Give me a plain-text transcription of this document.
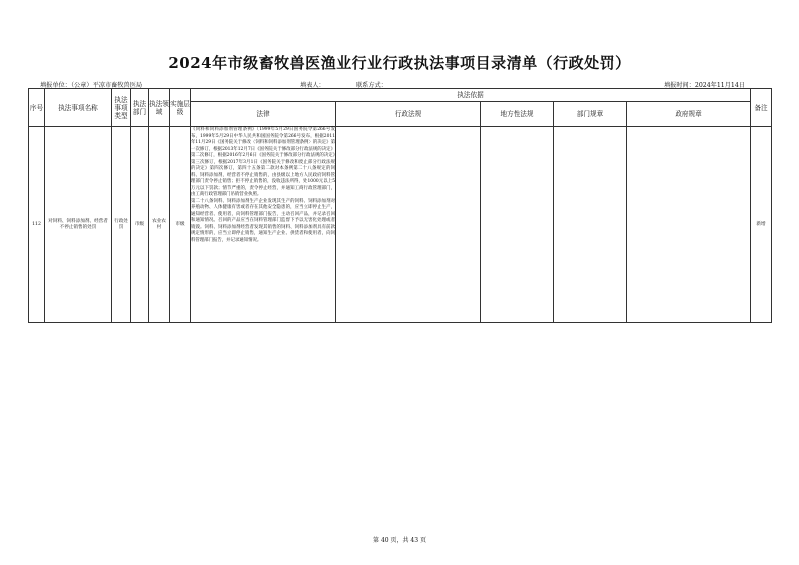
2024年市级畜牧兽医渔业行业行政执法事项目录清单（行政处罚）
填报单位：（公章）平凉市畜牧兽医局	填表人：	联系方式：	填报时间：2024年11月14日
序号	执法事项名称	执法事项类型	执法部门	执法领域	实施层级	执法依据					备注
						法律	行政法规	地方性法规	部门规章	政府规章	
112	对饲料、饲料添加剂、经营者不停止销售的处罚	行政处罚	市级	农业农村	市级	《饲料和饲料添加剂管理条例》（1999年5月29日国务院令第266号发布，1999年5月29日中华人民共和国国务院令第266号发布，根据2011年11月29日《国务院关于修改〈饲料和饲料添加剂管理条例〉的决定》第一次修订，根据2013年12月7日《国务院关于修改部分行政法规的决定》第二次修订，根据2016年2月6日《国务院关于修改部分行政法规的决定》第三次修订，根据2017年3月1日《国务院关于修改和废止部分行政法规的决定》第四次修订，第四十五条第二款对本条例第二十八条规定的饲料、饲料添加剂，经营者不停止销售的，由县级以上地方人民政府饲料管理部门责令停止销售；拒不停止销售的，没收违法所得，处1000元以上5万元以下罚款；情节严重的，责令停止经营，并通知工商行政管理部门，由工商行政管理部门吊销营业执照。
第二十八条饲料、饲料添加剂生产企业发现其生产的饲料、饲料添加剂对养殖动物、人体健康有害或者存在其他安全隐患的，应当立即停止生产，通知经营者、使用者，向饲料管理部门报告，主动召回产品，并记录召回和通知情况。召回的产品应当在饲料管理部门监督下予以无害化处理或者销毁。饲料、饲料添加剂经营者发现其销售的饲料、饲料添加剂具有前款规定情形的，应当立即停止销售，通知生产企业、供货者和使用者，向饲料管理部门报告，并记录通知情况。					新增
第 40 页，共 43 页
